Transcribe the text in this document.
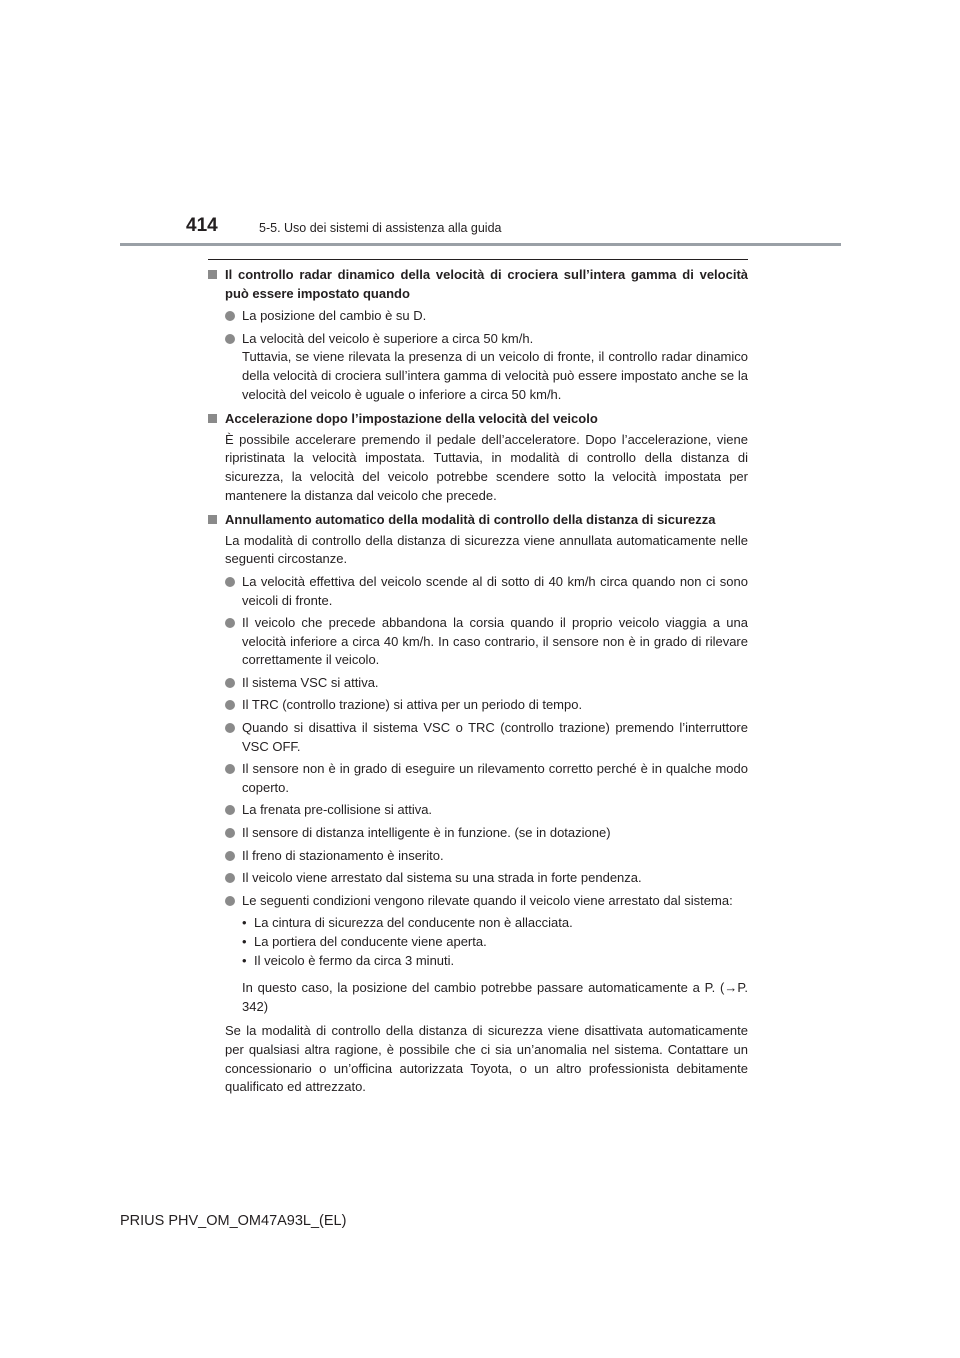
414	5-5. Uso dei sistemi di assistenza alla guida
Il controllo radar dinamico della velocità di crociera sull’intera gamma di velocità può essere impostato quando
La posizione del cambio è su D.
La velocità del veicolo è superiore a circa 50 km/h.
Tuttavia, se viene rilevata la presenza di un veicolo di fronte, il controllo radar dinamico della velocità di crociera sull’intera gamma di velocità può essere impostato anche se la velocità del veicolo è uguale o inferiore a circa 50 km/h.
Accelerazione dopo l’impostazione della velocità del veicolo
È possibile accelerare premendo il pedale dell’acceleratore. Dopo l’accelerazione, viene ripristinata la velocità impostata. Tuttavia, in modalità di controllo della distanza di sicurezza, la velocità del veicolo potrebbe scendere sotto la velocità impostata per mantenere la distanza dal veicolo che precede.
Annullamento automatico della modalità di controllo della distanza di sicurezza
La modalità di controllo della distanza di sicurezza viene annullata automaticamente nelle seguenti circostanze.
La velocità effettiva del veicolo scende al di sotto di 40 km/h circa quando non ci sono veicoli di fronte.
Il veicolo che precede abbandona la corsia quando il proprio veicolo viaggia a una velocità inferiore a circa 40 km/h. In caso contrario, il sensore non è in grado di rilevare correttamente il veicolo.
Il sistema VSC si attiva.
Il TRC (controllo trazione) si attiva per un periodo di tempo.
Quando si disattiva il sistema VSC o TRC (controllo trazione) premendo l’interruttore VSC OFF.
Il sensore non è in grado di eseguire un rilevamento corretto perché è in qualche modo coperto.
La frenata pre-collisione si attiva.
Il sensore di distanza intelligente è in funzione. (se in dotazione)
Il freno di stazionamento è inserito.
Il veicolo viene arrestato dal sistema su una strada in forte pendenza.
Le seguenti condizioni vengono rilevate quando il veicolo viene arrestato dal sistema:
• La cintura di sicurezza del conducente non è allacciata.
• La portiera del conducente viene aperta.
• Il veicolo è fermo da circa 3 minuti.
In questo caso, la posizione del cambio potrebbe passare automaticamente a P. (→P. 342)
Se la modalità di controllo della distanza di sicurezza viene disattivata automaticamente per qualsiasi altra ragione, è possibile che ci sia un’anomalia nel sistema. Contattare un concessionario o un’officina autorizzata Toyota, o un altro professionista debitamente qualificato ed attrezzato.
PRIUS PHV_OM_OM47A93L_(EL)
